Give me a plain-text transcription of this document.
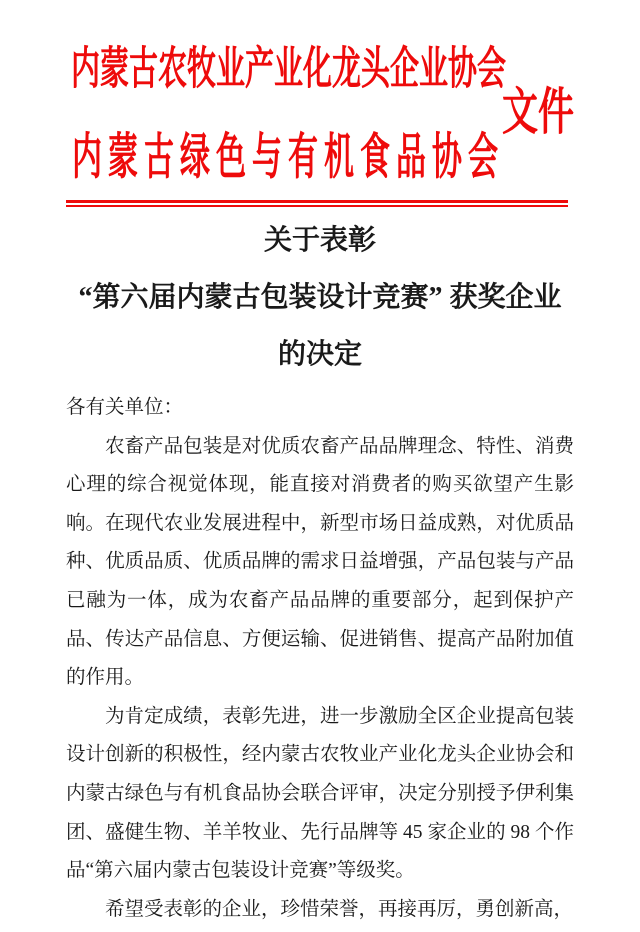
内蒙古农牧业产业化龙头企业协会
文件
内蒙古绿色与有机食品协会
关于表彰
“第六届内蒙古包装设计竞赛” 获奖企业
的决定

各有关单位：

农畜产品包装是对优质农畜产品品牌理念、特性、消费心理的综合视觉体现，能直接对消费者的购买欲望产生影响。在现代农业发展进程中，新型市场日益成熟，对优质品种、优质品质、优质品牌的需求日益增强，产品包装与产品已融为一体，成为农畜产品品牌的重要部分，起到保护产品、传达产品信息、方便运输、促进销售、提高产品附加值的作用。

为肯定成绩，表彰先进，进一步激励全区企业提高包装设计创新的积极性，经内蒙古农牧业产业化龙头企业协会和内蒙古绿色与有机食品协会联合评审，决定分别授予伊利集团、盛健生物、羊羊牧业、先行品牌等 45 家企业的 98 个作品“第六届内蒙古包装设计竞赛”等级奖。

希望受表彰的企业，珍惜荣誉，再接再厉，勇创新高，
